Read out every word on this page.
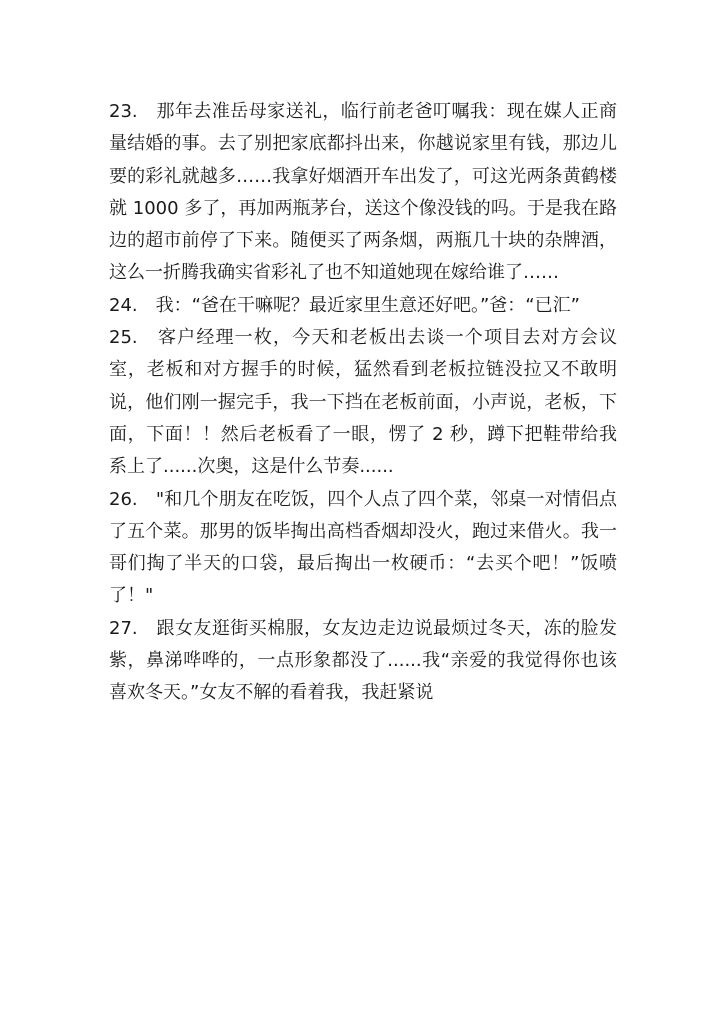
23.　那年去准岳母家送礼，临行前老爸叮嘱我：现在媒人正商量结婚的事。去了别把家底都抖出来，你越说家里有钱，那边儿要的彩礼就越多……我拿好烟酒开车出发了，可这光两条黄鹤楼就 1000 多了，再加两瓶茅台，送这个像没钱的吗。于是我在路边的超市前停了下来。随便买了两条烟，两瓶几十块的杂牌酒，这么一折腾我确实省彩礼了也不知道她现在嫁给谁了……

24.　我：“爸在干嘛呢？最近家里生意还好吧。”爸：“已汇”

25.　客户经理一枚，今天和老板出去谈一个项目去对方会议室，老板和对方握手的时候，猛然看到老板拉链没拉又不敢明说，他们刚一握完手，我一下挡在老板前面，小声说，老板，下面，下面！！然后老板看了一眼，愣了 2 秒，蹲下把鞋带给我系上了......次奥，这是什么节奏......

26.　"和几个朋友在吃饭，四个人点了四个菜，邻桌一对情侣点了五个菜。那男的饭毕掏出高档香烟却没火，跑过来借火。我一哥们掏了半天的口袋，最后掏出一枚硬币：“去买个吧！”饭喷了！"

27.　跟女友逛街买棉服，女友边走边说最烦过冬天，冻的脸发紫，鼻涕哗哗的，一点形象都没了......我“亲爱的我觉得你也该喜欢冬天。”女友不解的看着我，我赶紧说
